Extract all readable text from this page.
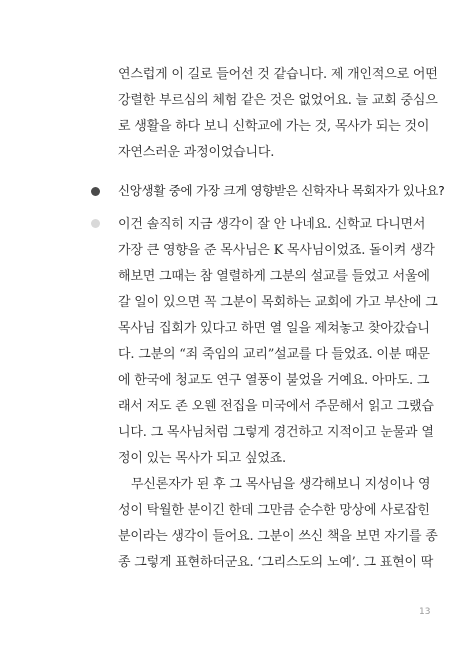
연스럽게 이 길로 들어선 것 같습니다. 제 개인적으로 어떤
강렬한 부르심의 체험 같은 것은 없었어요. 늘 교회 중심으
로 생활을 하다 보니 신학교에 가는 것, 목사가 되는 것이
자연스러운 과정이었습니다.
신앙생활 중에 가장 크게 영향받은 신학자나 목회자가 있나요?
이건 솔직히 지금 생각이 잘 안 나네요. 신학교 다니면서
가장 큰 영향을 준 목사님은 K 목사님이었죠. 돌이켜 생각
해보면 그때는 참 열렬하게 그분의 설교를 들었고 서울에
갈 일이 있으면 꼭 그분이 목회하는 교회에 가고 부산에 그
목사님 집회가 있다고 하면 열 일을 제쳐놓고 찾아갔습니
다. 그분의 “죄 죽임의 교리”설교를 다 들었죠. 이분 때문
에 한국에 청교도 연구 열풍이 불었을 거예요. 아마도. 그
래서 저도 존 오웬 전집을 미국에서 주문해서 읽고 그랬습
니다. 그 목사님처럼 그렇게 경건하고 지적이고 눈물과 열
정이 있는 목사가 되고 싶었죠.
무신론자가 된 후 그 목사님을 생각해보니 지성이나 영
성이 탁월한 분이긴 한데 그만큼 순수한 망상에 사로잡힌
분이라는 생각이 들어요. 그분이 쓰신 책을 보면 자기를 종
종 그렇게 표현하더군요. ‘그리스도의 노예’. 그 표현이 딱
13
